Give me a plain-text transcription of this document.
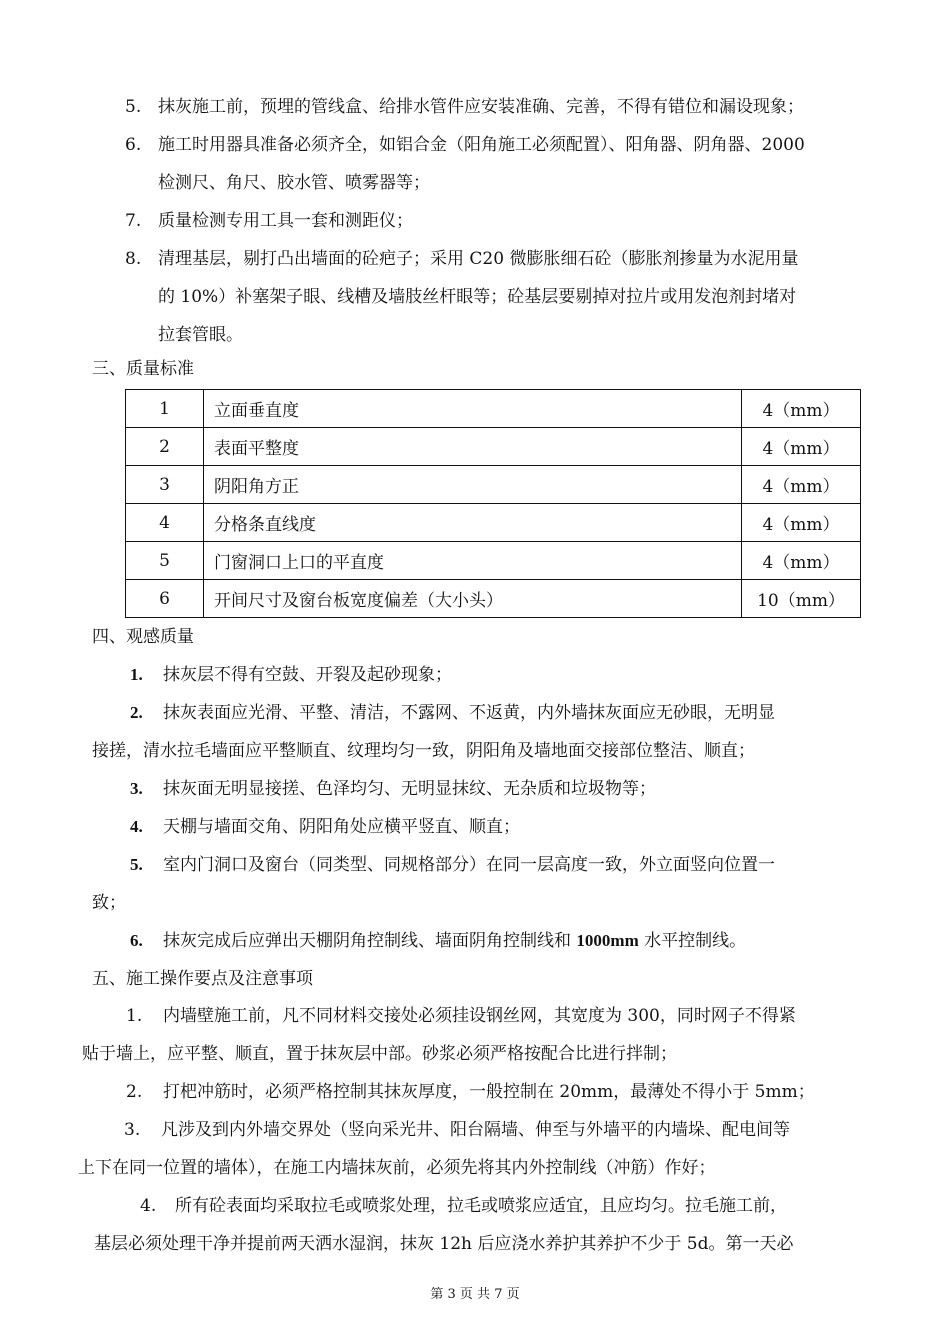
5. 抹灰施工前，预埋的管线盒、给排水管件应安装准确、完善，不得有错位和漏设现象；
6. 施工时用器具准备必须齐全，如铝合金（阳角施工必须配置）、阳角器、阴角器、2000
检测尺、角尺、胶水管、喷雾器等；
7. 质量检测专用工具一套和测距仪；
8. 清理基层，剔打凸出墙面的砼疤子；采用 C20 微膨胀细石砼（膨胀剂掺量为水泥用量
的 10%）补塞架子眼、线槽及墙肢丝杆眼等；砼基层要剔掉对拉片或用发泡剂封堵对
拉套管眼。
三、质量标准
1	立面垂直度	4（mm）
2	表面平整度	4（mm）
3	阴阳角方正	4（mm）
4	分格条直线度	4（mm）
5	门窗洞口上口的平直度	4（mm）
6	开间尺寸及窗台板宽度偏差（大小头）	10（mm）
四、观感质量
1. 抹灰层不得有空鼓、开裂及起砂现象；
2. 抹灰表面应光滑、平整、清洁，不露网、不返黄，内外墙抹灰面应无砂眼，无明显
接搓，清水拉毛墙面应平整顺直、纹理均匀一致，阴阳角及墙地面交接部位整洁、顺直；
3. 抹灰面无明显接搓、色泽均匀、无明显抹纹、无杂质和垃圾物等；
4. 天棚与墙面交角、阴阳角处应横平竖直、顺直；
5. 室内门洞口及窗台（同类型、同规格部分）在同一层高度一致，外立面竖向位置一
致；
6. 抹灰完成后应弹出天棚阴角控制线、墙面阴角控制线和 1000mm 水平控制线。
五、施工操作要点及注意事项
1. 内墙壁施工前，凡不同材料交接处必须挂设钢丝网，其宽度为 300，同时网子不得紧
贴于墙上，应平整、顺直，置于抹灰层中部。砂浆必须严格按配合比进行拌制；
2. 打杷冲筋时，必须严格控制其抹灰厚度，一般控制在 20mm，最薄处不得小于 5mm；
3. 凡涉及到内外墙交界处（竖向采光井、阳台隔墙、伸至与外墙平的内墙垛、配电间等
上下在同一位置的墙体），在施工内墙抹灰前，必须先将其内外控制线（冲筋）作好；
4. 所有砼表面均采取拉毛或喷浆处理，拉毛或喷浆应适宜，且应均匀。拉毛施工前，
基层必须处理干净并提前两天洒水湿润，抹灰 12h 后应浇水养护其养护不少于 5d。第一天必
第 3 页 共 7 页
